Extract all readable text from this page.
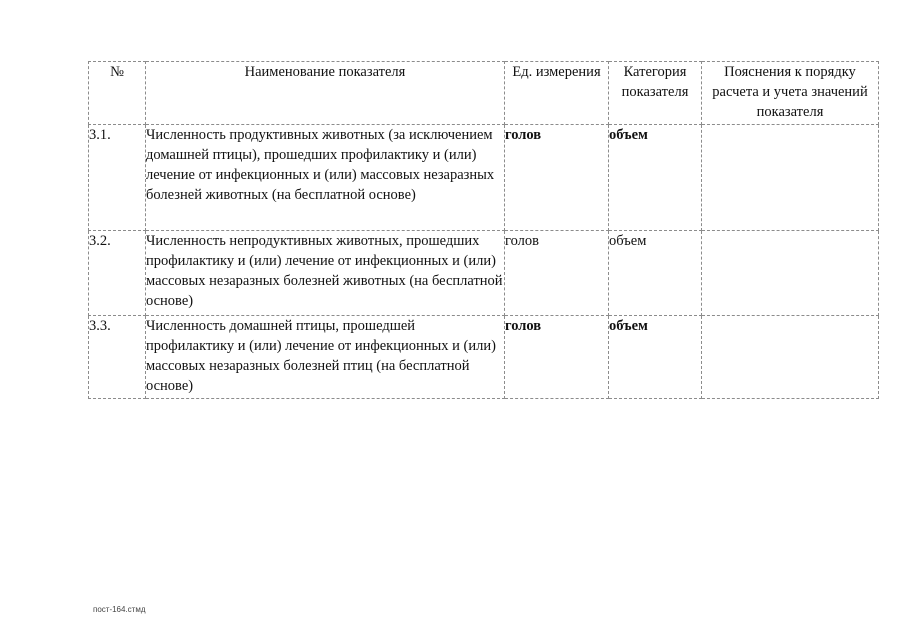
№	Наименование показателя	Ед. измерения	Категория показателя	Пояснения к порядку расчета и учета значений показателя
3.1.	Численность продуктивных животных (за исключением домашней птицы), прошедших профилактику и (или) лечение от инфекционных и (или) массовых незаразных болезней животных (на бесплатной основе)	голов	объем	
3.2.	Численность непродуктивных животных, прошедших профилактику и (или) лечение от инфекционных и (или) массовых незаразных болезней животных (на бесплатной основе)	голов	объем	
3.3.	Численность домашней птицы, прошедшей профилактику и (или) лечение от инфекционных и (или) массовых незаразных болезней птиц (на бесплатной основе)	голов	объем	
пост-164.стмд
